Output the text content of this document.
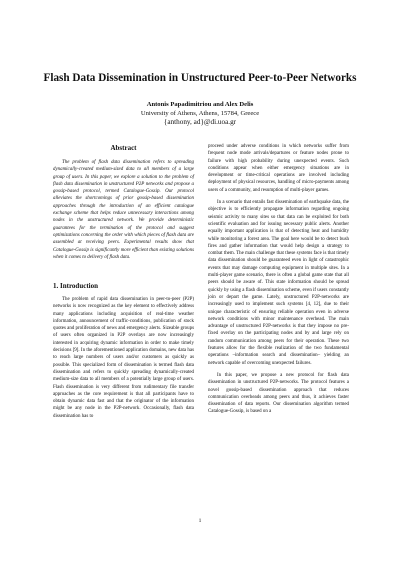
Flash Data Dissemination in Unstructured Peer-to-Peer Networks
Antonis Papadimitriou and Alex Delis
University of Athens, Athens, 15784, Greece
{anthony, ad}@di.uoa.gr
Abstract

The problem of flash data dissemination refers to spreading dynamically-created medium-sized data to all members of a large group of users. In this paper, we explore a solution to the problem of flash data dissemination in unstructured P2P networks and propose a gossip-based protocol, termed Catalogue-Gossip. Our protocol alleviates the shortcomings of prior gossip-based dissemination approaches through the introduction of an efficient catalogue exchange scheme that helps reduce unnecessary interactions among nodes in the unstructured network. We provide deterministic guarantees for the termination of the protocol and suggest optimizations concerning the order with which pieces of flash data are assembled at receiving peers. Experimental results show that Catalogue-Gossip is significantly more efficient than existing solutions when it comes to delivery of flash data.

1. Introduction

The problem of rapid data dissemination in peer-to-peer (P2P) networks is now recognized as the key element to effectively address many applications including acquisition of real-time weather information, announcement of traffic-conditions, publication of stock quotes and proliferation of news and emergency alerts. Sizeable groups of users often organized in P2P overlays are now increasingly interested in acquiring dynamic information in order to make timely decisions [9]. In the aforementioned application domains, new data has to reach large numbers of users and/or customers as quickly as possible. This specialized form of dissemination is termed flash data dissemination and refers to quickly spreading dynamically-created medium-size data to all members of a potentially large group of users. Flash dissemination is very different from rudimentary file transfer approaches as the core requirement is that all participants have to obtain dynamic data fast and that the originator of the information might be any node in the P2P-network. Occasionally, flash data dissemination has to

proceed under adverse conditions in which networks suffer from frequent node mode arrivals/departures or feature nodes prone to failure with high probability during unexpected events. Such conditions appear when either emergency situations are in development or time-critical operations are involved including deployment of physical resources, handling of micro-payments among users of a community, and resumption of multi-player games.

In a scenario that entails fast dissemination of earthquake data, the objective is to efficiently propagate information regarding ongoing seismic activity to many sites so that data can be exploited for both scientific evaluation and for issuing necessary public alerts. Another equally important application is that of detecting heat and humidity while monitoring a forest area. The goal here would be to detect bush fires and gather information that would help design a strategy to combat them. The main challenge that these systems face is that timely data dissemination should be guaranteed even in light of catastrophic events that may damage computing equipment in multiple sites. In a multi-player game scenario, there is often a global game state that all peers should be aware of. This state information should be spread quickly by using a flash dissemination scheme, even if users constantly join or depart the game. Lately, unstructured P2P-networks are increasingly used to implement such systems [4, 12], due to their unique characteristic of ensuring reliable operation even in adverse network conditions with minor maintenance overhead. The main advantage of unstructured P2P-networks is that they impose no pre-fixed overlay on the participating nodes and by and large rely on random communication among peers for their operation. These two features allow for the flexible realization of the two fundamental operations –information search and dissemination– yielding an network capable of overcoming unexpected failures.

In this paper, we propose a new protocol for flash data dissemination in unstructured P2P-networks. The protocol features a novel gossip-based dissemination approach that reduces communication overheads among peers and thus, it achieves faster dissemination of data reports. Our dissemination algorithm termed Catalogue-Gossip, is based on a

1
